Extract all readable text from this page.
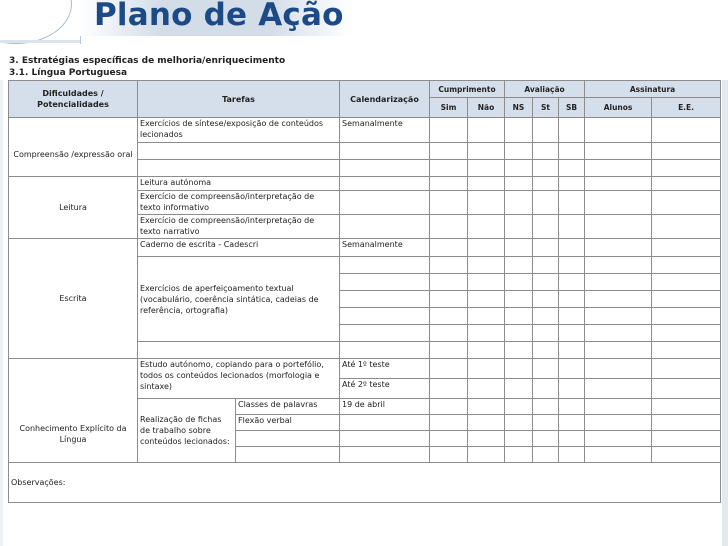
Plano de Ação
3. Estratégias específicas de melhoria/enriquecimento
3.1. Língua Portuguesa
Dificuldades / Potencialidades	Tarefas		Calendarização	Cumprimento		Avaliação			Assinatura	
				Sim	Não	NS	St	SB	Alunos	E.E.
Compreensão /expressão oral	Exercícios de síntese/exposição de conteúdos lecionados		Semanalmente							

Leitura	Leitura autónoma									
	Exercício de compreensão/interpretação de texto informativo									
	Exercício de compreensão/interpretação de texto narrativo									
Escrita	Caderno de escrita - Cadescri		Semanalmente							
	Exercícios de aperfeiçoamento textual (vocabulário, coerência sintática, cadeias de referência, ortografia)									

Conhecimento Explícito da Língua	Estudo autónomo, copiando para o portefólio, todos os conteúdos lecionados (morfologia e sintaxe)		Até 1º teste							
			Até 2º teste							
	Realização de fichas de trabalho sobre conteúdos lecionados:	Classes de palavras	19 de abril							
		Flexão verbal								

Observações:										
